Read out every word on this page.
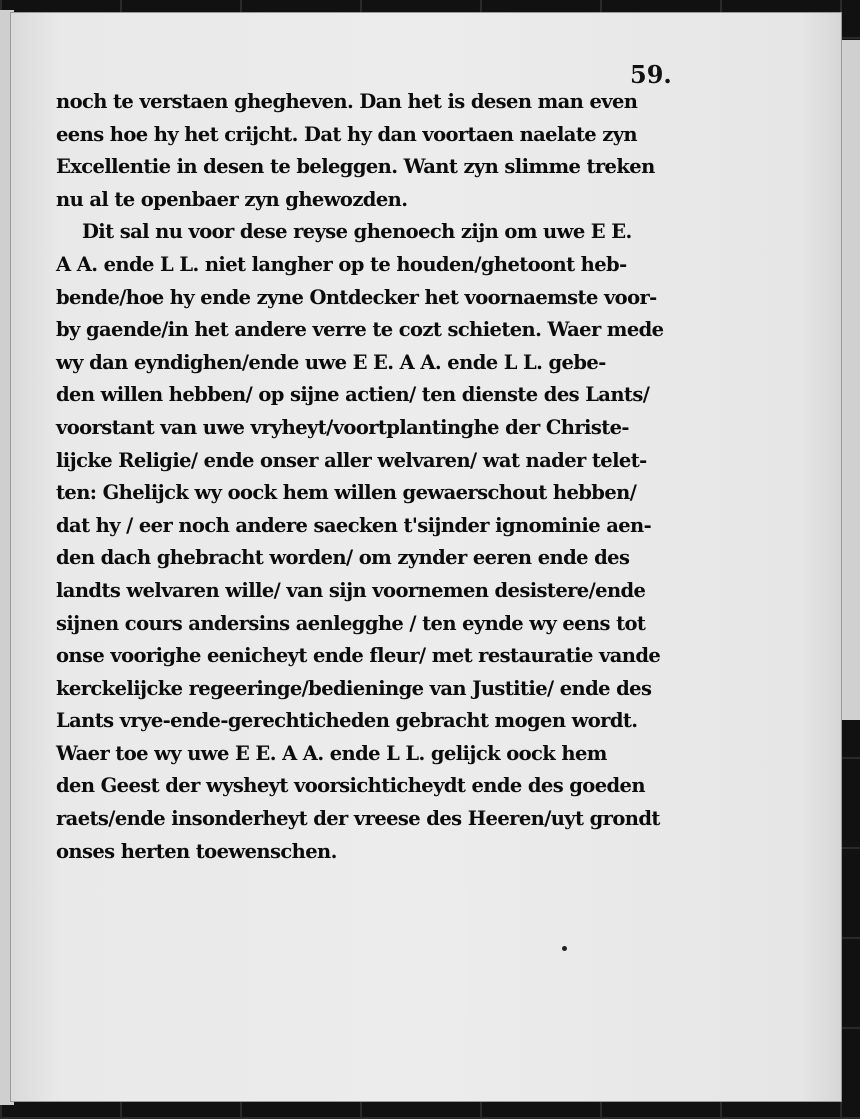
59.
noch te verstaen ghegheven. Dan het is desen man even
eens hoe hy het crijcht. Dat hy dan voortaen naelate zyn
Excellentie in desen te beleggen. Want zyn slimme treken
nu al te openbaer zyn ghewozden.
Dit sal nu voor dese reyse ghenoech zijn om uwe E E.
A A. ende L L. niet langher op te houden/ghetoont heb-
bende/hoe hy ende zyne Ontdecker het voornaemste voor-
by gaende/in het andere verre te cozt schieten. Waer mede
wy dan eyndighen/ende uwe E E. A A. ende L L. gebe-
den willen hebben/ op sijne actien/ ten dienste des Lants/
voorstant van uwe vryheyt/voortplantinghe der Christe-
lijcke Religie/ ende onser aller welvaren/ wat nader telet-
ten: Ghelijck wy oock hem willen gewaerschout hebben/
dat hy / eer noch andere saecken t'sijnder ignominie aen-
den dach ghebracht worden/ om zynder eeren ende des
landts welvaren wille/ van sijn voornemen desistere/ende
sijnen cours andersins aenlegghe / ten eynde wy eens tot
onse voorighe eenicheyt ende fleur/ met restauratie vande
kerckelijcke regeeringe/bedieninge van Justitie/ ende des
Lants vrye-ende-gerechticheden gebracht mogen wordt.
Waer toe wy uwe E E. A A. ende L L. gelijck oock hem
den Geest der wysheyt voorsichticheydt ende des goeden
raets/ende insonderheyt der vreese des Heeren/uyt grondt
onses herten toewenschen.
